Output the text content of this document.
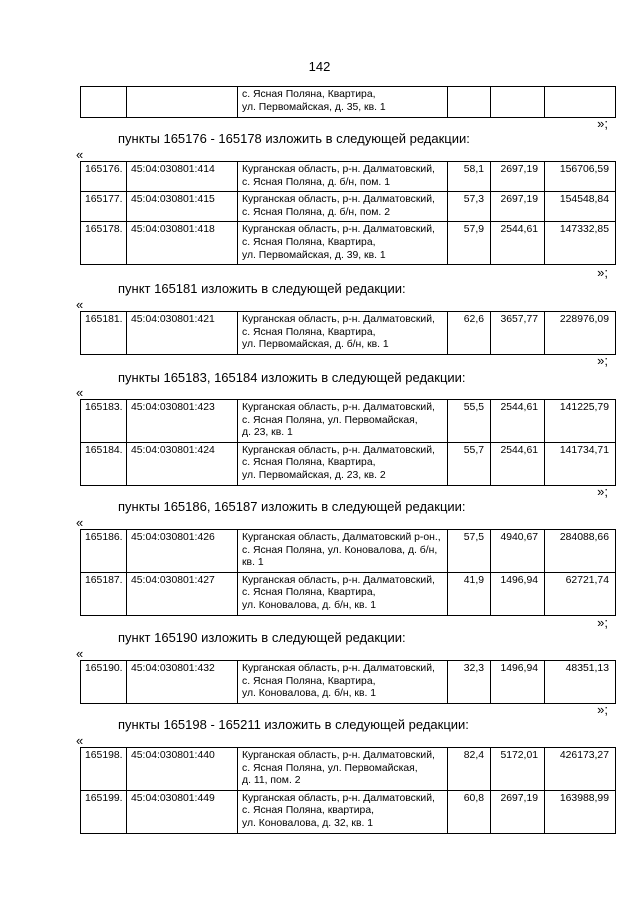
142

с. Ясная Поляна, Квартира,
ул. Первомайская, д. 35, кв. 1

»;
пункты 165176 - 165178 изложить в следующей редакции:
«
165176.	45:04:030801:414	Курганская область, р-н. Далматовский,
с. Ясная Поляна, д. б/н, пом. 1	58,1	2697,19	156706,59
165177.	45:04:030801:415	Курганская область, р-н. Далматовский,
с. Ясная Поляна, д. б/н, пом. 2	57,3	2697,19	154548,84
165178.	45:04:030801:418	Курганская область, р-н. Далматовский,
с. Ясная Поляна, Квартира,
ул. Первомайская, д. 39, кв. 1	57,9	2544,61	147332,85
»;
пункт 165181 изложить в следующей редакции:
«
165181.	45:04:030801:421	Курганская область, р-н. Далматовский,
с. Ясная Поляна, Квартира,
ул. Первомайская, д. б/н, кв. 1
	62,6	3657,77	228976,09
»;
пункты 165183, 165184 изложить в следующей редакции:
«
165183.	45:04:030801:423	Курганская область, р-н. Далматовский,
с. Ясная Поляна, ул. Первомайская,
д. 23, кв. 1	55,5	2544,61	141225,79
165184.	45:04:030801:424	Курганская область, р-н. Далматовский,
с. Ясная Поляна, Квартира,
ул. Первомайская, д. 23, кв. 2	55,7	2544,61	141734,71
»;
пункты 165186, 165187 изложить в следующей редакции:
«
165186.	45:04:030801:426	Курганская область, Далматовский р-он.,
с. Ясная Поляна, ул. Коновалова, д. б/н,
кв. 1	57,5	4940,67	284088,66
165187.	45:04:030801:427	Курганская область, р-н. Далматовский,
с. Ясная Поляна, Квартира,
ул. Коновалова, д. б/н, кв. 1	41,9	1496,94	62721,74
»;
пункт 165190 изложить в следующей редакции:
«
165190.	45:04:030801:432	Курганская область, р-н. Далматовский,
с. Ясная Поляна, Квартира,
ул. Коновалова, д. б/н, кв. 1
	32,3	1496,94	48351,13
»;
пункты 165198 - 165211 изложить в следующей редакции:
«
165198.	45:04:030801:440	Курганская область, р-н. Далматовский,
с. Ясная Поляна, ул. Первомайская,
д. 11, пом. 2	82,4	5172,01	426173,27
165199.	45:04:030801:449	Курганская область, р-н. Далматовский,
с. Ясная Поляна, квартира,
ул. Коновалова, д. 32, кв. 1	60,8	2697,19	163988,99
